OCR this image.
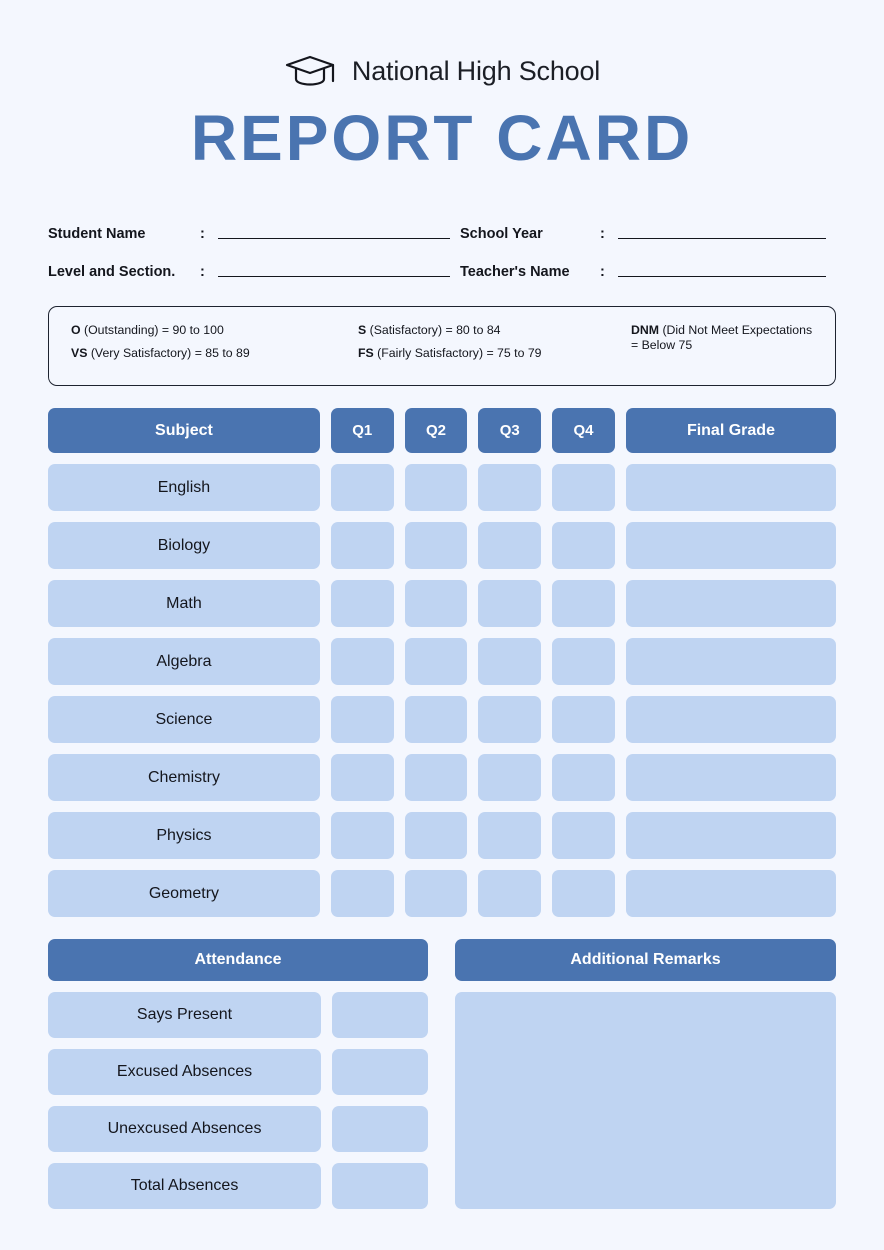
National High School
REPORT CARD
Student Name	:	School Year	:
Level and Section.	:	Teacher's Name	:
O (Outstanding) = 90 to 100
VS (Very Satisfactory) = 85 to 89
S (Satisfactory) = 80 to 84
FS (Fairly Satisfactory) = 75 to 79
DNM (Did Not Meet Expectations = Below 75
Subject	Q1	Q2	Q3	Q4	Final Grade
English
Biology
Math
Algebra
Science
Chemistry
Physics
Geometry
Attendance
Says Present
Excused Absences
Unexcused Absences
Total Absences
Additional Remarks
